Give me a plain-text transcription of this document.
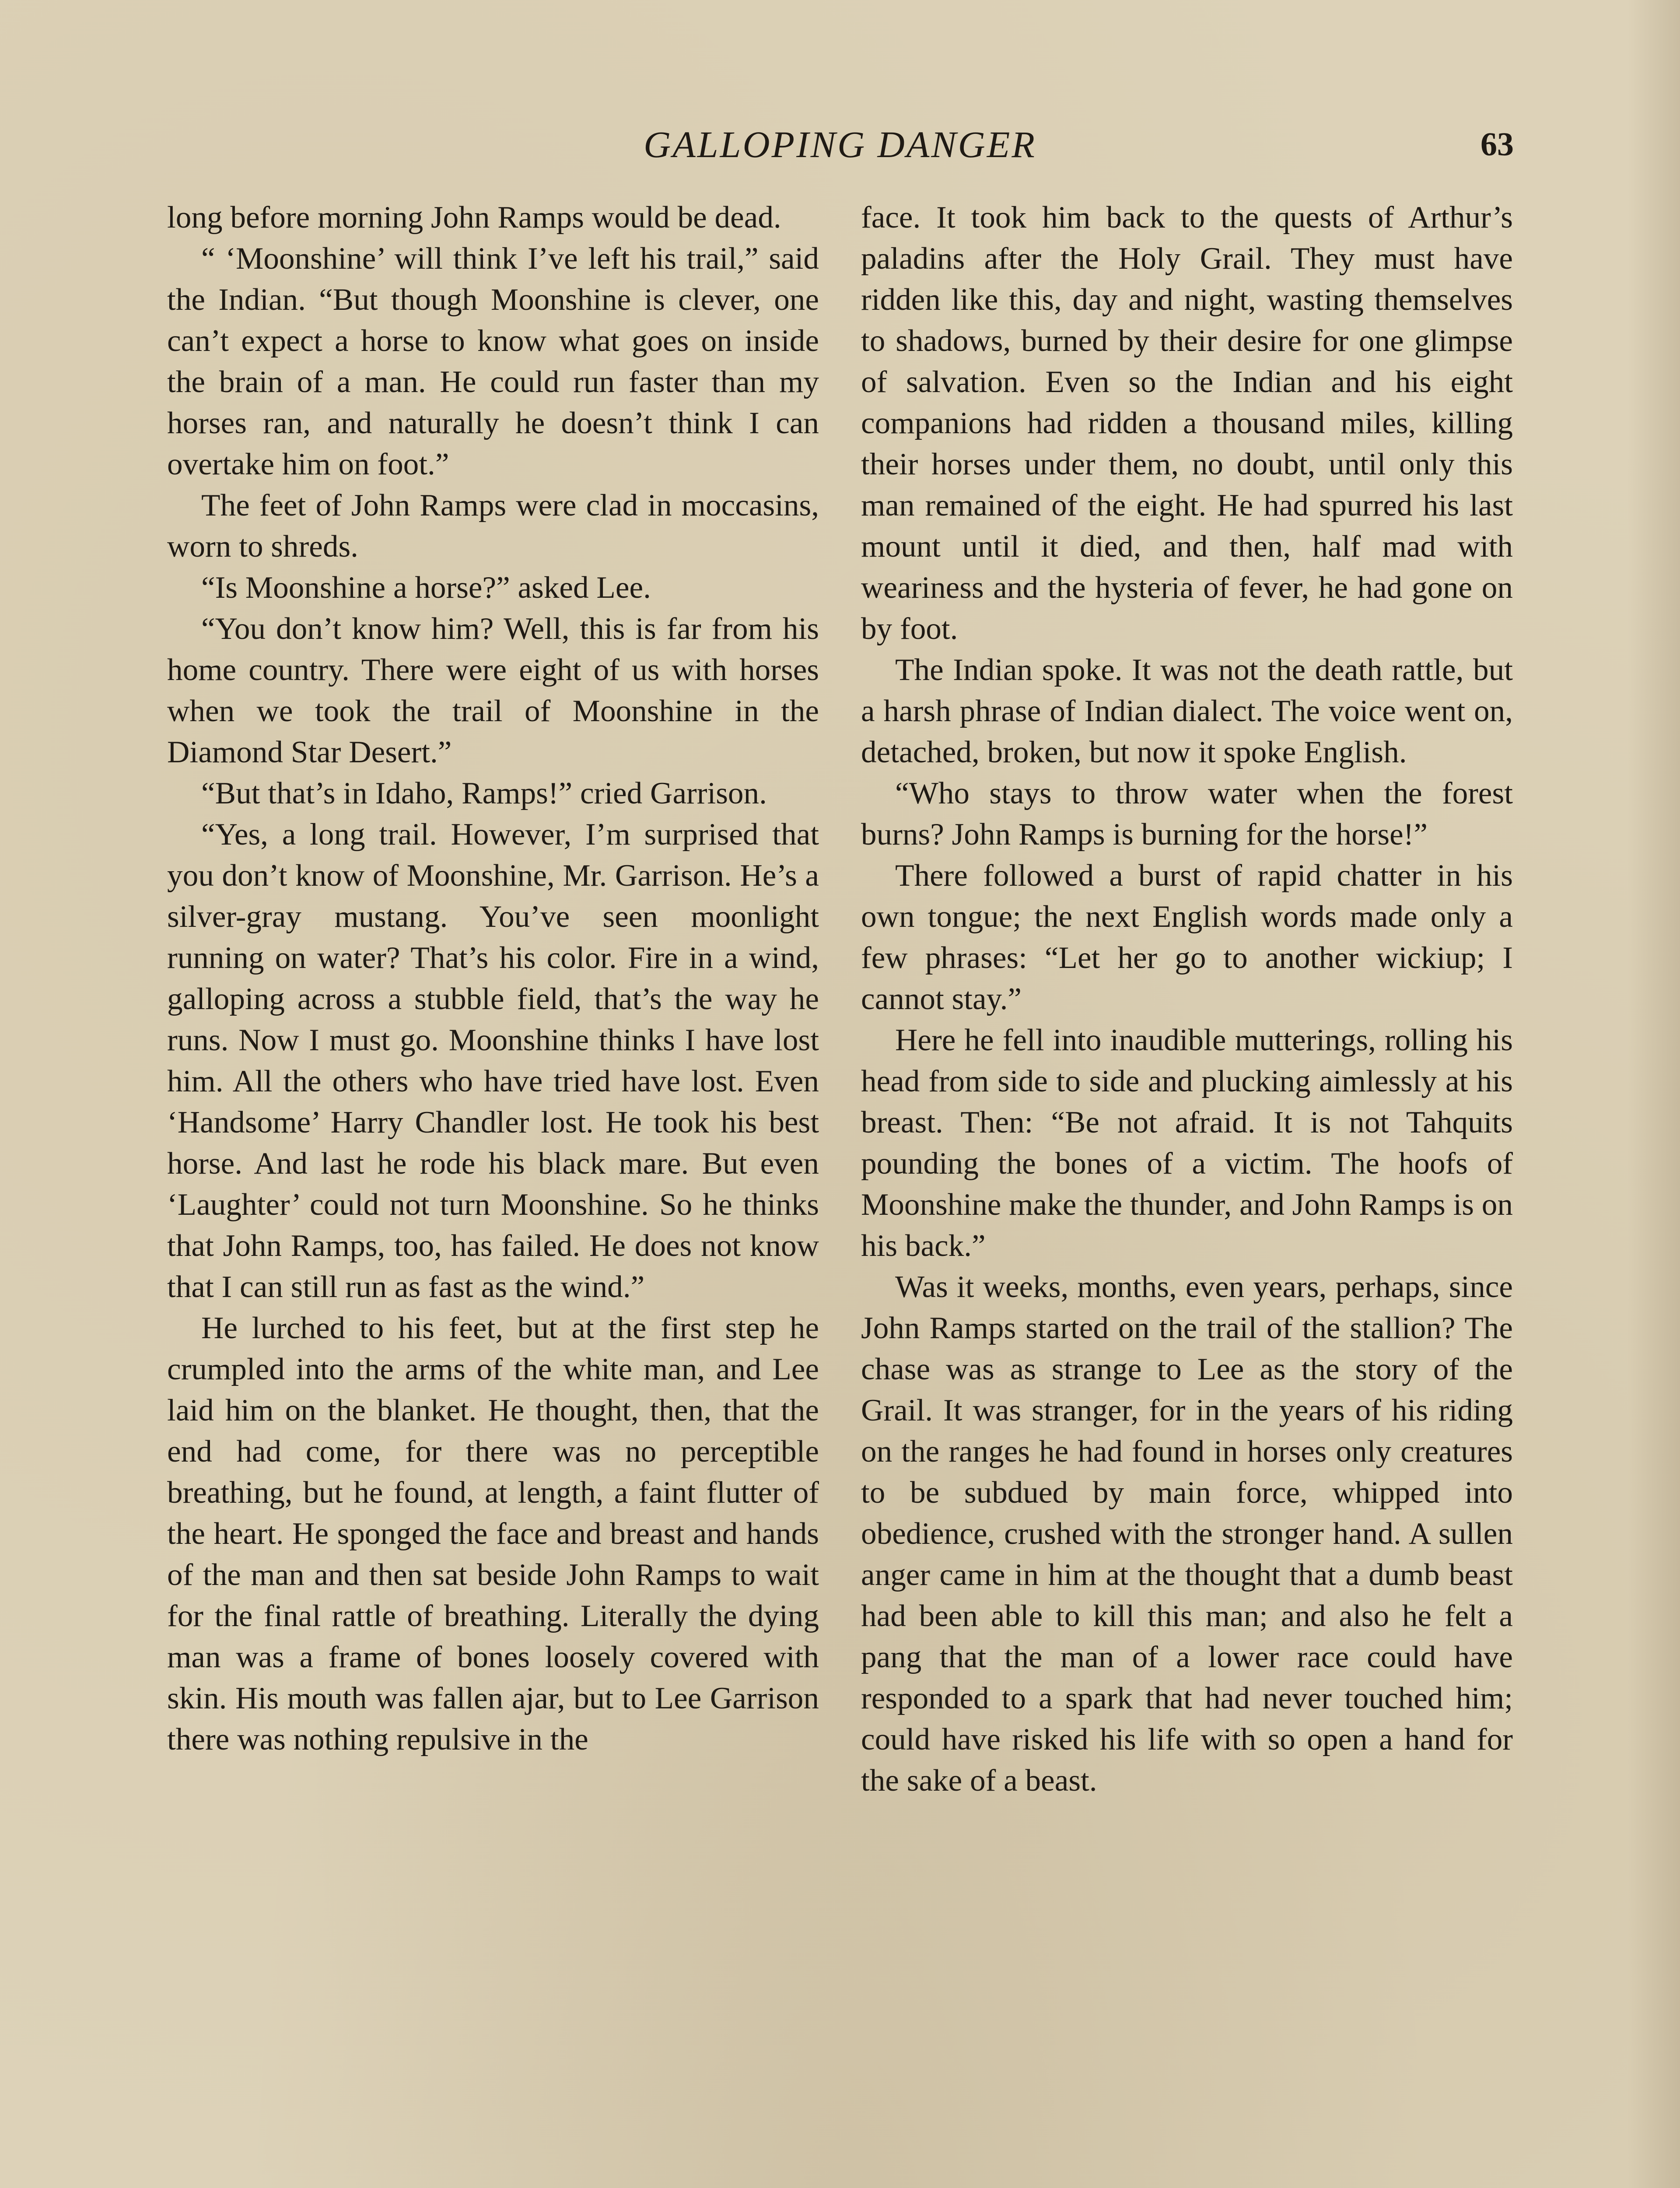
GALLOPING DANGER	63

long before morning John Ramps would be dead.

“ ‘Moonshine’ will think I’ve left his trail,” said the Indian. “But though Moonshine is clever, one can’t expect a horse to know what goes on inside the brain of a man. He could run faster than my horses ran, and naturally he doesn’t think I can overtake him on foot.”

The feet of John Ramps were clad in moccasins, worn to shreds.

“Is Moonshine a horse?” asked Lee.

“You don’t know him? Well, this is far from his home country. There were eight of us with horses when we took the trail of Moonshine in the Diamond Star Desert.”

“But that’s in Idaho, Ramps!” cried Garrison.

“Yes, a long trail. However, I’m surprised that you don’t know of Moonshine, Mr. Garrison. He’s a silver-gray mustang. You’ve seen moonlight running on water? That’s his color. Fire in a wind, galloping across a stubble field, that’s the way he runs. Now I must go. Moonshine thinks I have lost him. All the others who have tried have lost. Even ‘Handsome’ Harry Chandler lost. He took his best horse. And last he rode his black mare. But even ‘Laughter’ could not turn Moonshine. So he thinks that John Ramps, too, has failed. He does not know that I can still run as fast as the wind.”

He lurched to his feet, but at the first step he crumpled into the arms of the white man, and Lee laid him on the blanket. He thought, then, that the end had come, for there was no perceptible breathing, but he found, at length, a faint flutter of the heart. He sponged the face and breast and hands of the man and then sat beside John Ramps to wait for the final rattle of breathing. Literally the dying man was a frame of bones loosely covered with skin. His mouth was fallen ajar, but to Lee Garrison there was nothing repulsive in the

face. It took him back to the quests of Arthur’s paladins after the Holy Grail. They must have ridden like this, day and night, wasting themselves to shadows, burned by their desire for one glimpse of salvation. Even so the Indian and his eight companions had ridden a thousand miles, killing their horses under them, no doubt, until only this man remained of the eight. He had spurred his last mount until it died, and then, half mad with weariness and the hysteria of fever, he had gone on by foot.

The Indian spoke. It was not the death rattle, but a harsh phrase of Indian dialect. The voice went on, detached, broken, but now it spoke English.

“Who stays to throw water when the forest burns? John Ramps is burning for the horse!”

There followed a burst of rapid chatter in his own tongue; the next English words made only a few phrases: “Let her go to another wickiup; I cannot stay.”

Here he fell into inaudible mutterings, rolling his head from side to side and plucking aimlessly at his breast. Then: “Be not afraid. It is not Tahquits pounding the bones of a victim. The hoofs of Moonshine make the thunder, and John Ramps is on his back.”

Was it weeks, months, even years, perhaps, since John Ramps started on the trail of the stallion? The chase was as strange to Lee as the story of the Grail. It was stranger, for in the years of his riding on the ranges he had found in horses only creatures to be subdued by main force, whipped into obedience, crushed with the stronger hand. A sullen anger came in him at the thought that a dumb beast had been able to kill this man; and also he felt a pang that the man of a lower race could have responded to a spark that had never touched him; could have risked his life with so open a hand for the sake of a beast.
